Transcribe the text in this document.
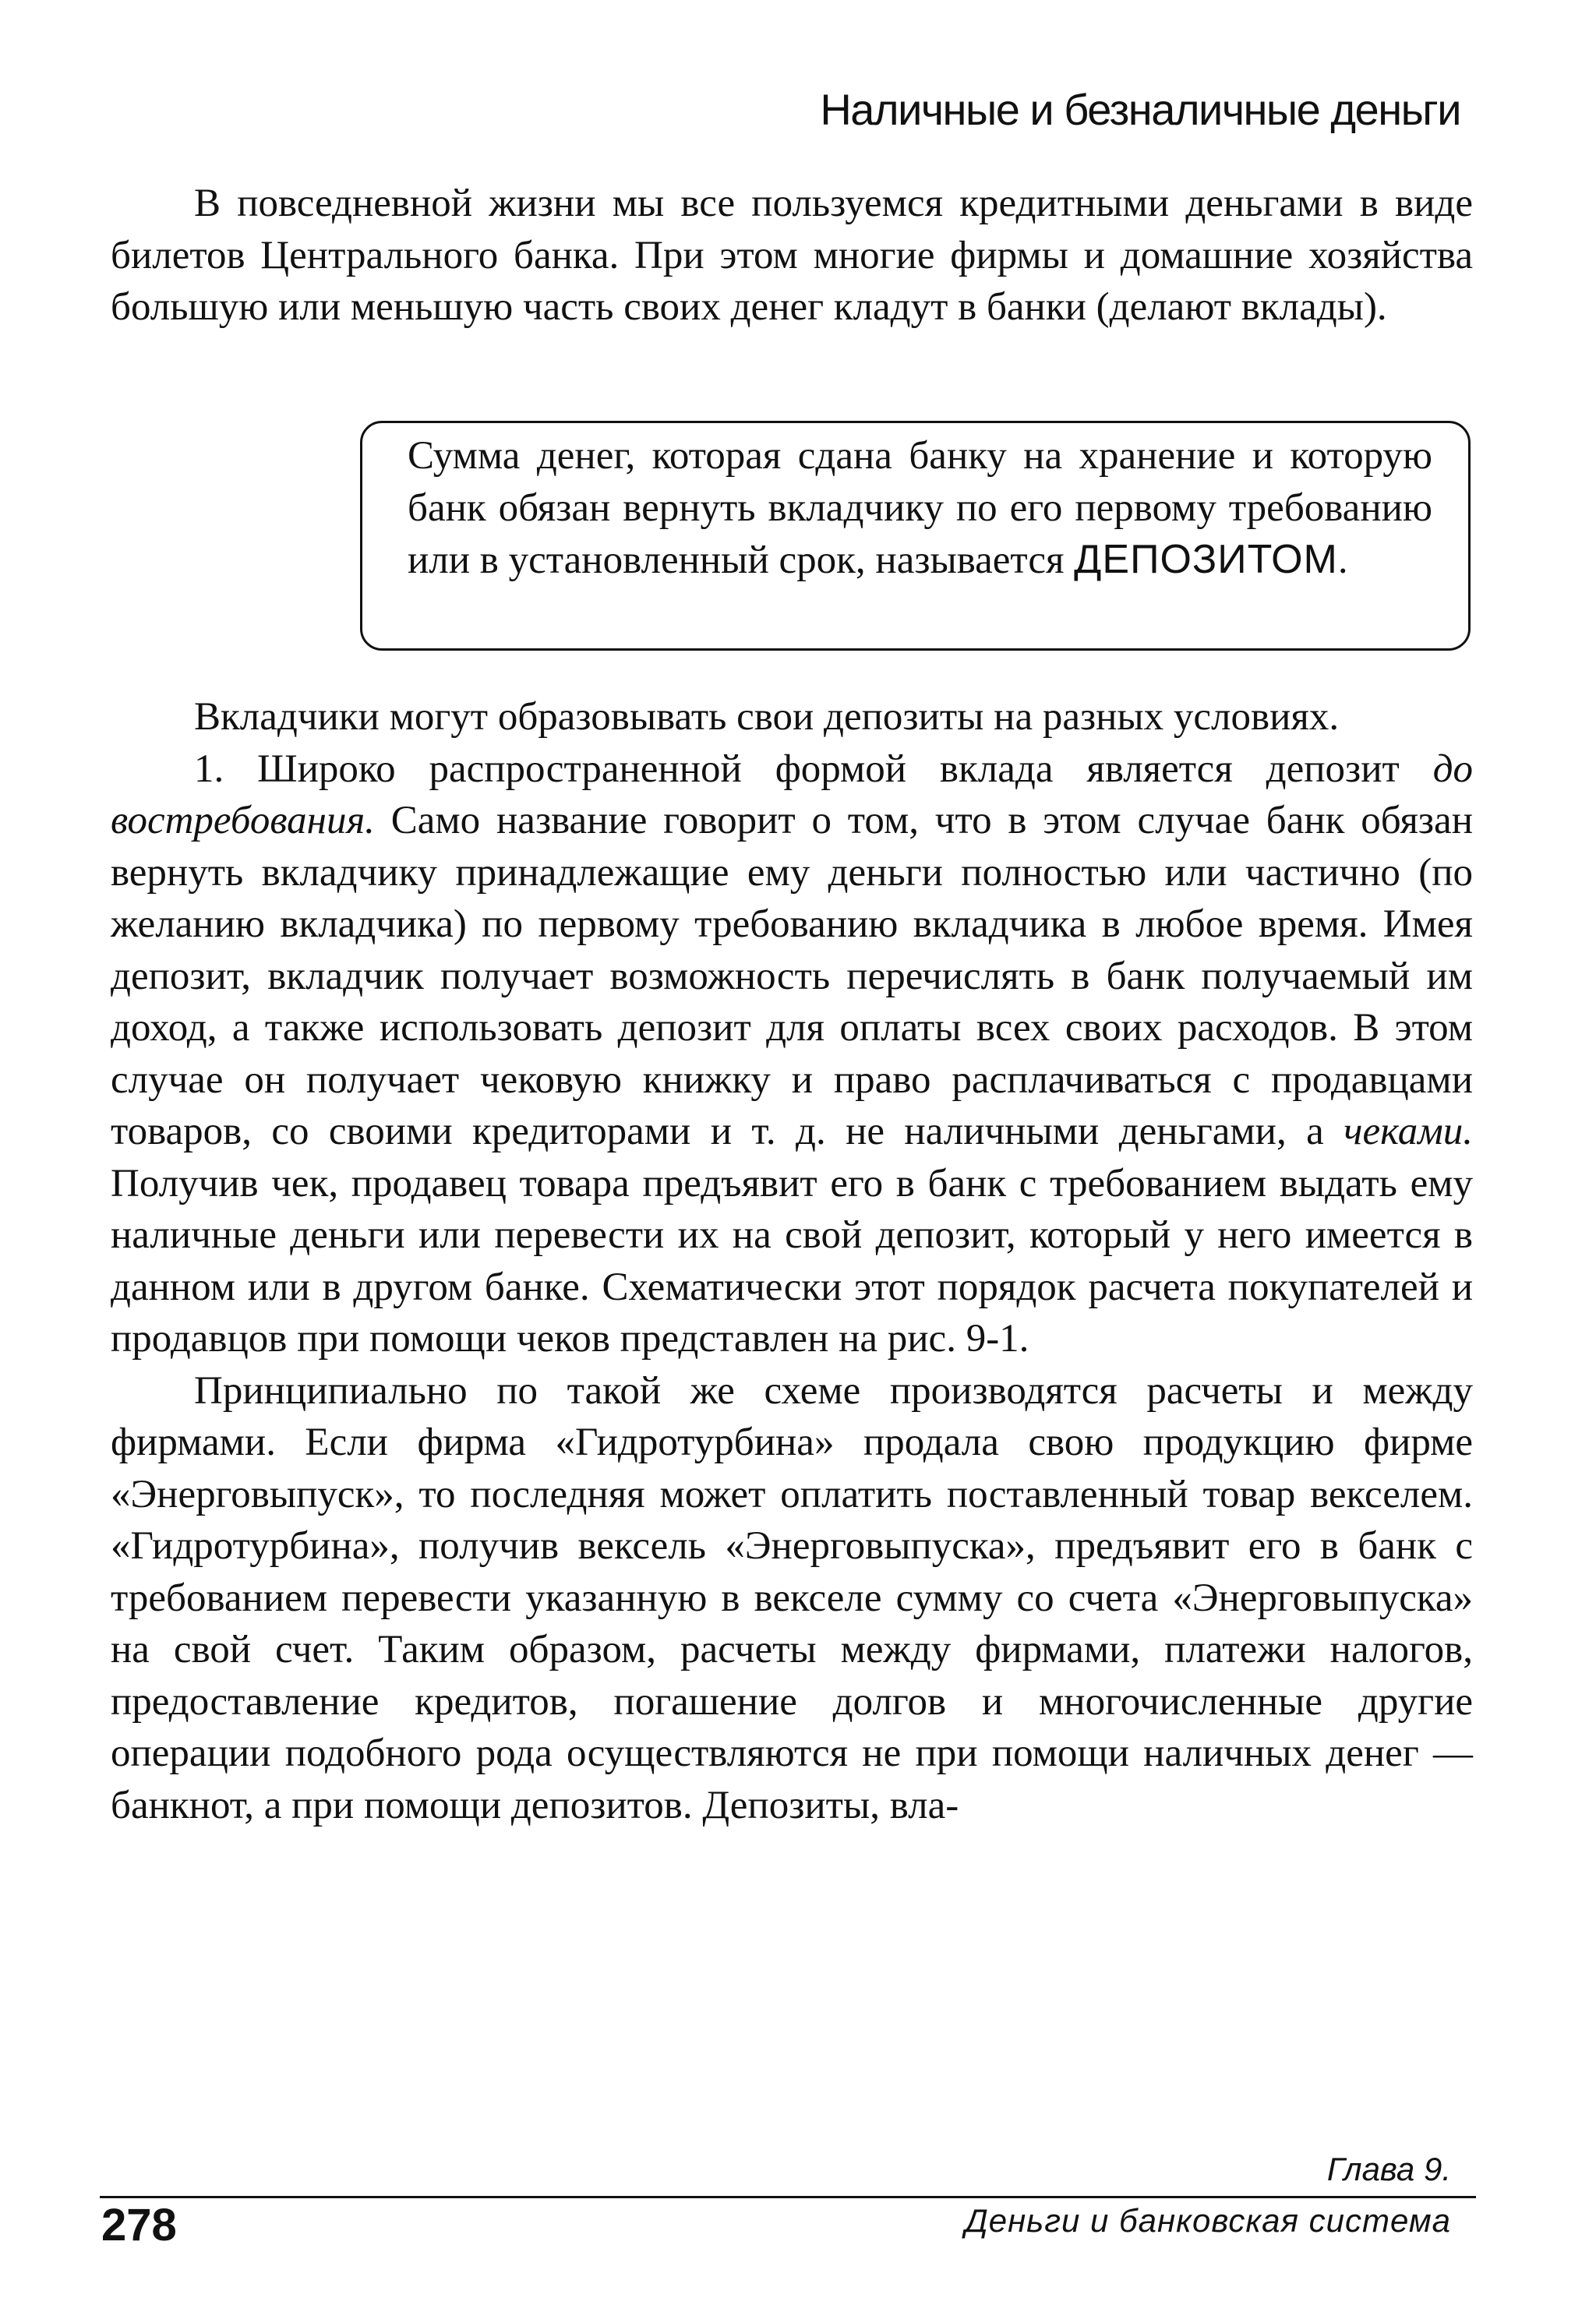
Наличные и безналичные деньги

В повседневной жизни мы все пользуемся кредитными деньгами в виде билетов Центрального банка. При этом многие фирмы и домашние хозяйства большую или меньшую часть своих денег кладут в банки (делают вклады).

Сумма денег, которая сдана банку на хранение и которую банк обязан вернуть вкладчику по его первому требованию или в установленный срок, называется ДЕПОЗИТОМ.

Вкладчики могут образовывать свои депозиты на разных условиях.

1. Широко распространенной формой вклада является депозит до востребования. Само название говорит о том, что в этом случае банк обязан вернуть вкладчику принадлежащие ему деньги полностью или частично (по желанию вкладчика) по первому требованию вкладчика в любое время. Имея депозит, вкладчик получает возможность перечислять в банк получаемый им доход, а также использовать депозит для оплаты всех своих расходов. В этом случае он получает чековую книжку и право расплачиваться с продавцами товаров, со своими кредиторами и т. д. не наличными деньгами, а чеками. Получив чек, продавец товара предъявит его в банк с требованием выдать ему наличные деньги или перевести их на свой депозит, который у него имеется в данном или в другом банке. Схематически этот порядок расчета покупателей и продавцов при помощи чеков представлен на рис. 9-1.

Принципиально по такой же схеме производятся расчеты и между фирмами. Если фирма «Гидротурбина» продала свою продукцию фирме «Энерговыпуск», то последняя может оплатить поставленный товар векселем. «Гидротурбина», получив вексель «Энерговыпуска», предъявит его в банк с требованием перевести указанную в векселе сумму со счета «Энерговыпуска» на свой счет. Таким образом, расчеты между фирмами, платежи налогов, предоставление кредитов, погашение долгов и многочисленные другие операции подобного рода осуществляются не при помощи наличных денег — банкнот, а при помощи депозитов. Депозиты, вла-

Глава 9.
278	Деньги и банковская система
